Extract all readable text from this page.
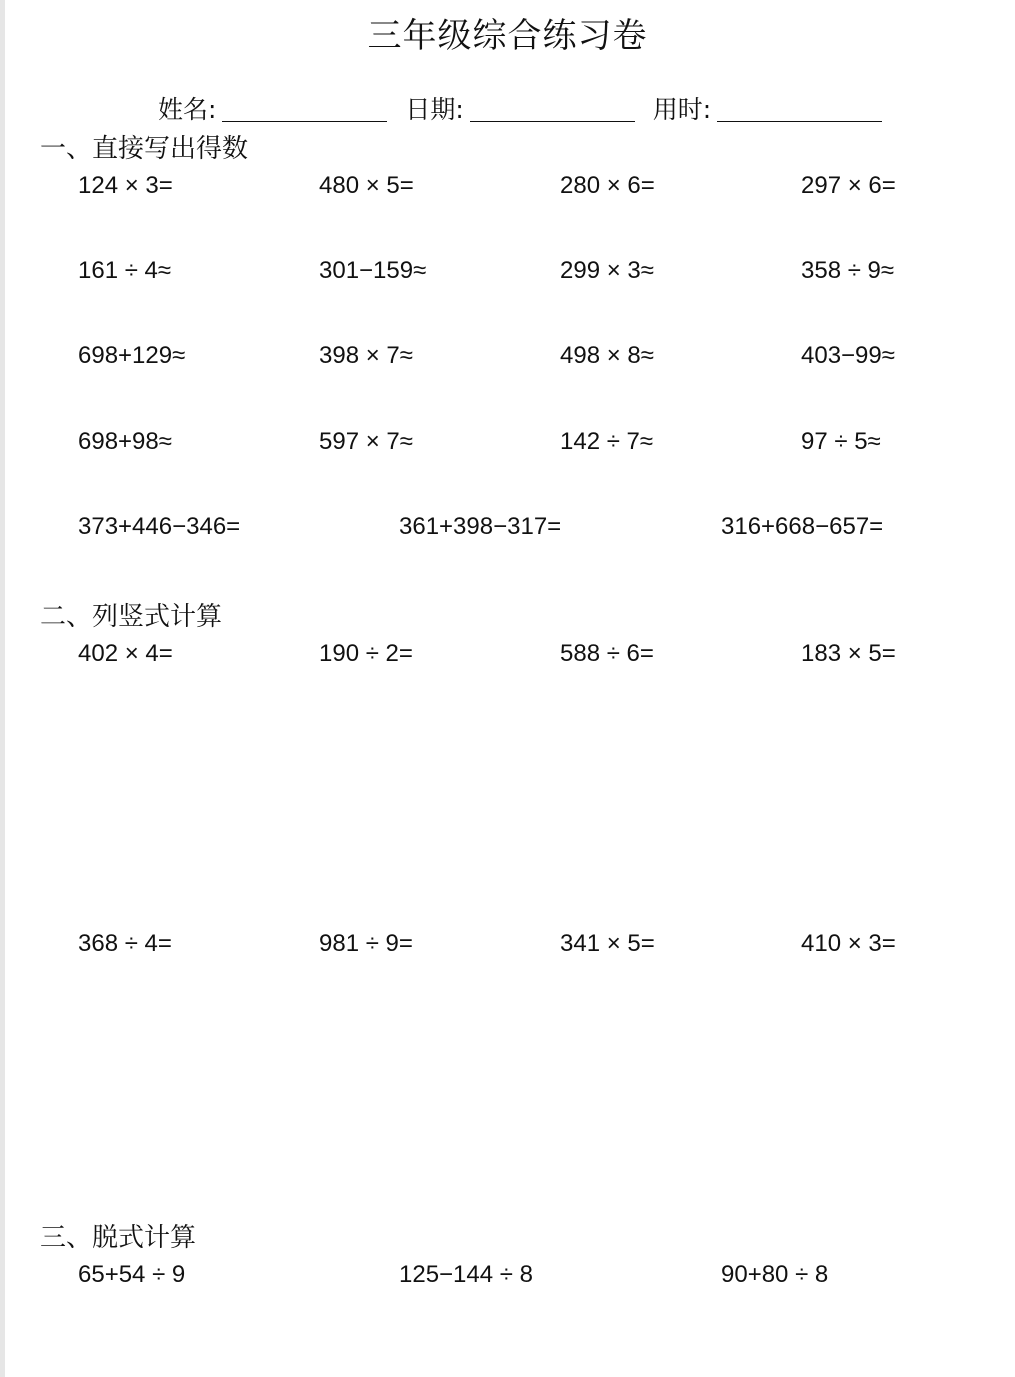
三年级综合练习卷
姓名:	日期:	用时:
一、直接写出得数
124 × 3=	480 × 5=	280 × 6=	297 × 6=
161 ÷ 4≈	301−159≈	299 × 3≈	358 ÷ 9≈
698+129≈	398 × 7≈	498 × 8≈	403−99≈
698+98≈	597 × 7≈	142 ÷ 7≈	97 ÷ 5≈
373+446−346=	361+398−317=	316+668−657=
二、列竖式计算
402 × 4=	190 ÷ 2=	588 ÷ 6=	183 × 5=
368 ÷ 4=	981 ÷ 9=	341 × 5=	410 × 3=
三、脱式计算
65+54 ÷ 9	125−144 ÷ 8	90+80 ÷ 8
